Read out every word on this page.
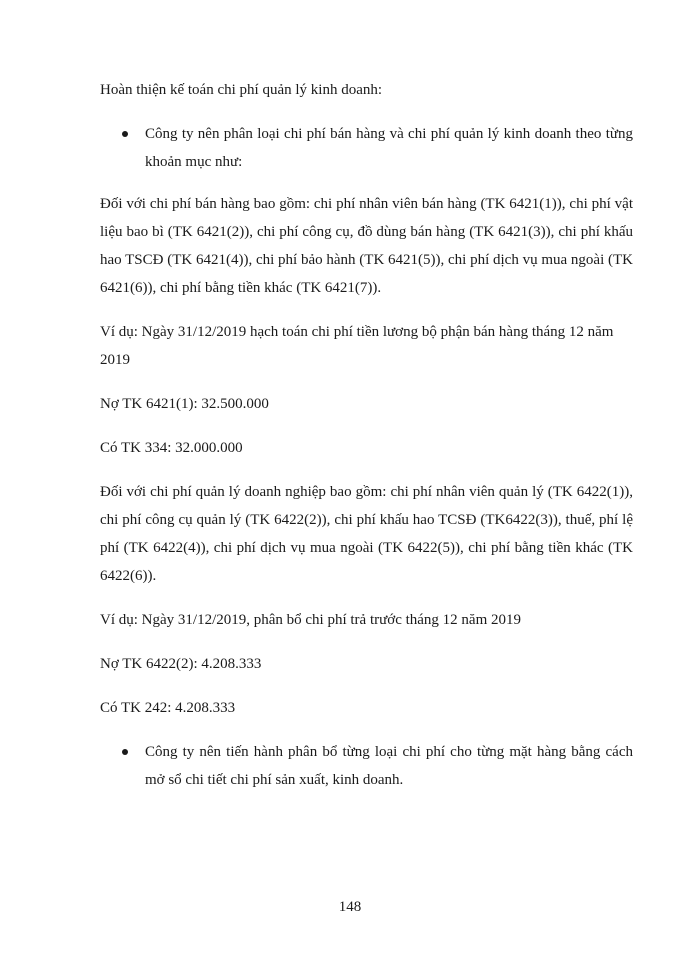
Hoàn thiện kế toán chi phí quản lý kinh doanh:

Công ty nên phân loại chi phí bán hàng và chi phí quản lý kinh doanh theo từng khoản mục như:

Đối với chi phí bán hàng bao gồm: chi phí nhân viên bán hàng (TK 6421(1)), chi phí vật liệu bao bì (TK 6421(2)), chi phí công cụ, đồ dùng bán hàng (TK 6421(3)), chi phí khấu hao TSCĐ (TK 6421(4)), chi phí bảo hành (TK 6421(5)), chi phí dịch vụ mua ngoài (TK 6421(6)), chi phí bằng tiền khác (TK 6421(7)).

Ví dụ: Ngày 31/12/2019 hạch toán chi phí tiền lương bộ phận bán hàng tháng 12 năm 2019

Nợ TK 6421(1): 32.500.000

Có TK 334: 32.000.000

Đối với chi phí quản lý doanh nghiệp bao gồm: chi phí nhân viên quản lý (TK 6422(1)), chi phí công cụ quản lý (TK 6422(2)), chi phí khấu hao TCSĐ (TK6422(3)), thuế, phí lệ phí (TK 6422(4)), chi phí dịch vụ mua ngoài (TK 6422(5)), chi phí bằng tiền khác (TK 6422(6)).

Ví dụ: Ngày 31/12/2019, phân bổ chi phí trả trước tháng 12 năm 2019

Nợ TK 6422(2): 4.208.333

Có TK 242: 4.208.333

Công ty nên tiến hành phân bổ từng loại chi phí cho từng mặt hàng bằng cách mở sổ chi tiết chi phí sản xuất, kinh doanh.
148
